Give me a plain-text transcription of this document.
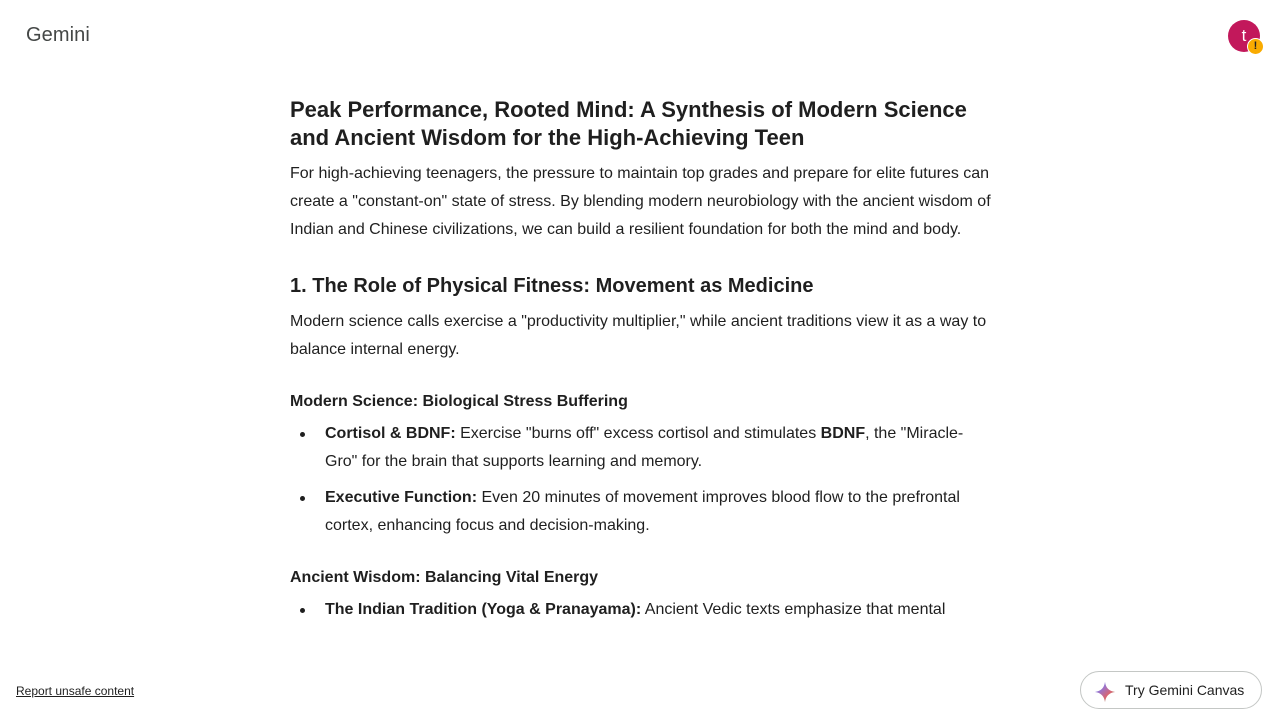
Gemini	t
!
Peak Performance, Rooted Mind: A Synthesis of Modern Science and Ancient Wisdom for the High-Achieving Teen

For high-achieving teenagers, the pressure to maintain top grades and prepare for elite futures can create a "constant-on" state of stress. By blending modern neurobiology with the ancient wisdom of Indian and Chinese civilizations, we can build a resilient foundation for both the mind and body.

1. The Role of Physical Fitness: Movement as Medicine

Modern science calls exercise a "productivity multiplier," while ancient traditions view it as a way to balance internal energy.

Modern Science: Biological Stress Buffering
Cortisol & BDNF: Exercise "burns off" excess cortisol and stimulates BDNF, the "Miracle-Gro" for the brain that supports learning and memory.
Executive Function: Even 20 minutes of movement improves blood flow to the prefrontal cortex, enhancing focus and decision-making.
Ancient Wisdom: Balancing Vital Energy
The Indian Tradition (Yoga & Pranayama): Ancient Vedic texts emphasize that mental
Report unsafe content	Try Gemini Canvas
